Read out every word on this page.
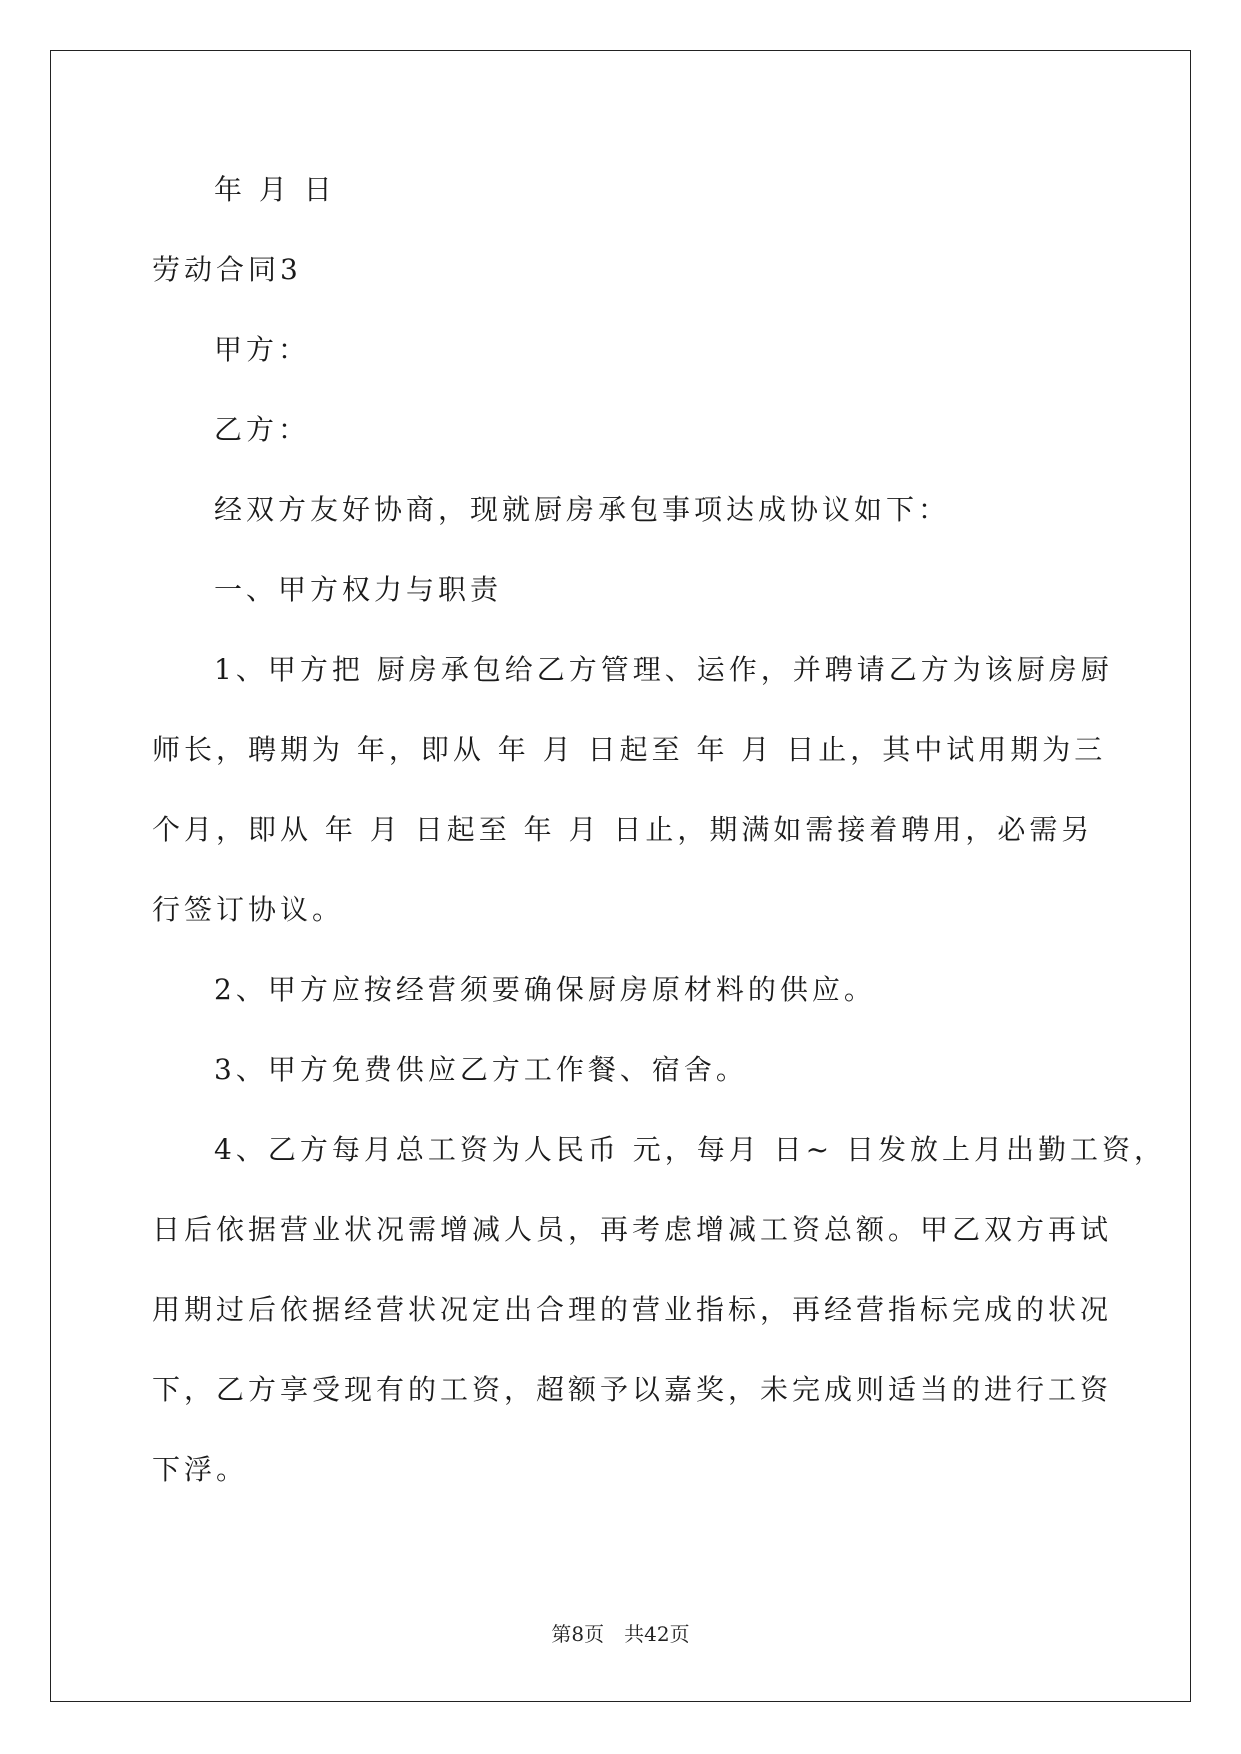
年 月 日
劳动合同3
甲方：
乙方：
经双方友好协商，现就厨房承包事项达成协议如下：
一、甲方权力与职责
1、甲方把 厨房承包给乙方管理、运作，并聘请乙方为该厨房厨
师长，聘期为 年，即从 年 月 日起至 年 月 日止，其中试用期为三
个月，即从 年 月 日起至 年 月 日止，期满如需接着聘用，必需另
行签订协议。
2、甲方应按经营须要确保厨房原材料的供应。
3、甲方免费供应乙方工作餐、宿舍。
4、乙方每月总工资为人民币 元，每月 日~ 日发放上月出勤工资，
日后依据营业状况需增减人员，再考虑增减工资总额。甲乙双方再试
用期过后依据经营状况定出合理的营业指标，再经营指标完成的状况
下，乙方享受现有的工资，超额予以嘉奖，未完成则适当的进行工资
下浮。
第8页　共42页
